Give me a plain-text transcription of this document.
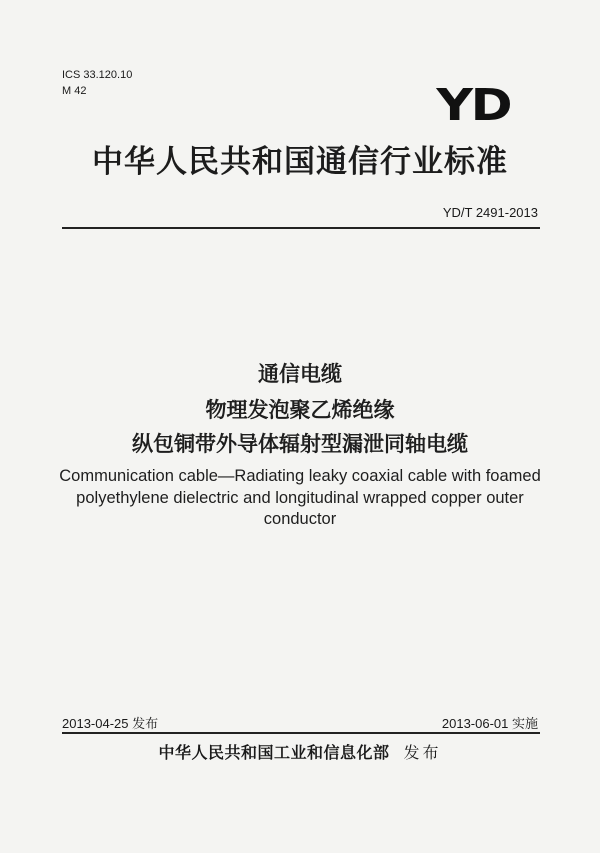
ICS 33.120.10
M 42	YD
中华人民共和国通信行业标准
YD/T 2491-2013
通信电缆
物理发泡聚乙烯绝缘
纵包铜带外导体辐射型漏泄同轴电缆
Communication cable—Radiating leaky coaxial cable with foamed
polyethylene dielectric and longitudinal wrapped copper outer
conductor
2013-04-25 发布	2013-06-01 实施
中华人民共和国工业和信息化部 发布
